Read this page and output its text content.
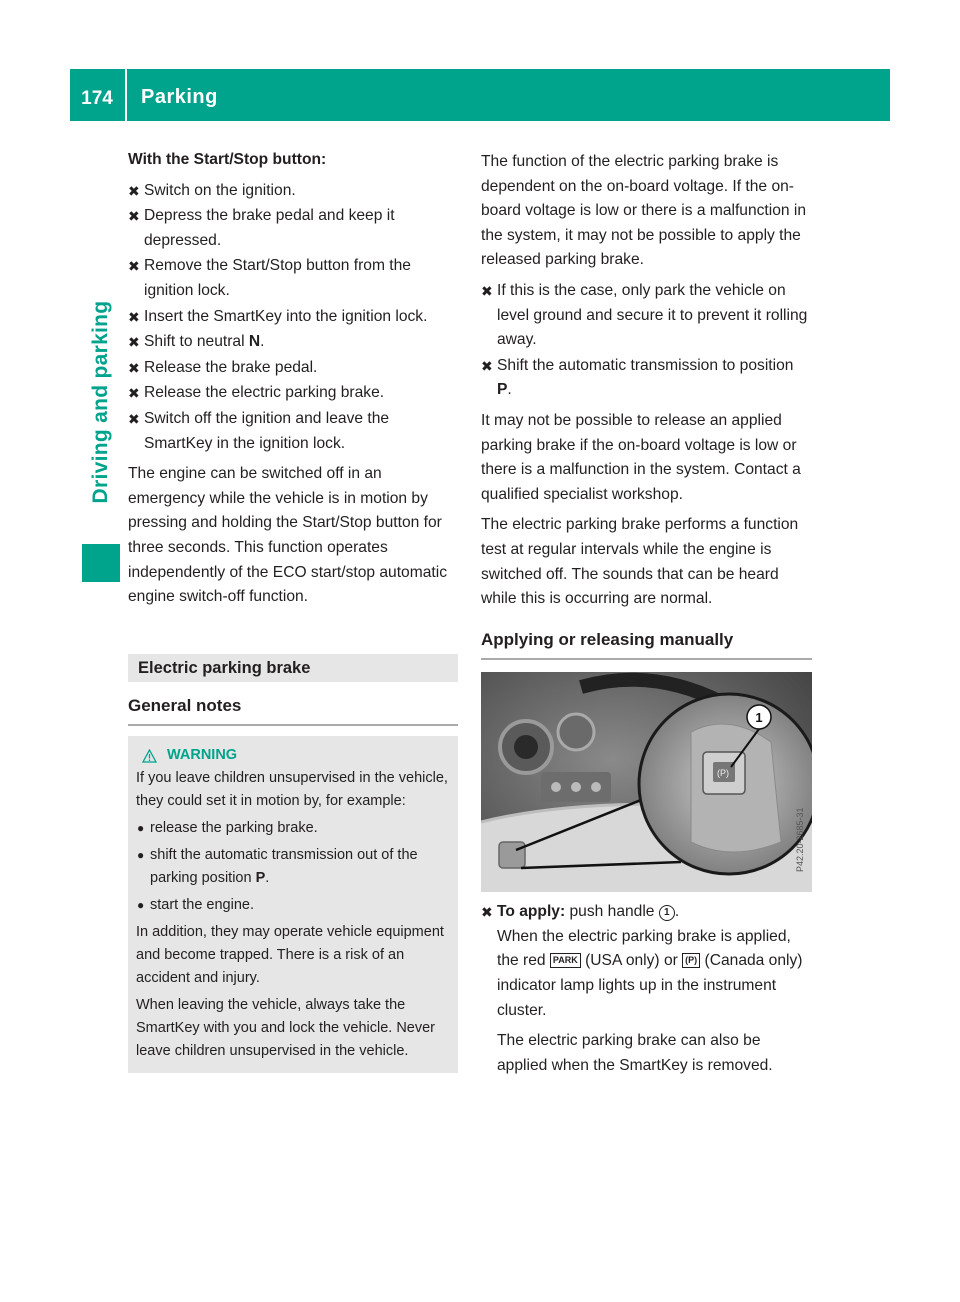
174	Parking
Driving and parking

With the Start/Stop button:

✖ Switch on the ignition.
✖ Depress the brake pedal and keep it depressed.
✖ Remove the Start/Stop button from the ignition lock.
✖ Insert the SmartKey into the ignition lock.
✖ Shift to neutral N.
✖ Release the brake pedal.
✖ Release the electric parking brake.
✖ Switch off the ignition and leave the SmartKey in the ignition lock.

The engine can be switched off in an emergency while the vehicle is in motion by pressing and holding the Start/Stop button for three seconds. This function operates independently of the ECO start/stop automatic engine switch-off function.

Electric parking brake
General notes
WARNING

If you leave children unsupervised in the vehicle, they could set it in motion by, for example:

● release the parking brake.
● shift the automatic transmission out of the parking position P.
● start the engine.

In addition, they may operate vehicle equipment and become trapped. There is a risk of an accident and injury.

When leaving the vehicle, always take the SmartKey with you and lock the vehicle. Never leave children unsupervised in the vehicle.

The function of the electric parking brake is dependent on the on-board voltage. If the on-board voltage is low or there is a malfunction in the system, it may not be possible to apply the released parking brake.

✖ If this is the case, only park the vehicle on level ground and secure it to prevent it rolling away.
✖ Shift the automatic transmission to position P.

It may not be possible to release an applied parking brake if the on-board voltage is low or there is a malfunction in the system. Contact a qualified specialist workshop.

The electric parking brake performs a function test at regular intervals while the engine is switched off. The sounds that can be heard while this is occurring are normal.

Applying or releasing manually
(P)
1
P42.20-2685-31
✖ To apply: push handle 1 .

When the electric parking brake is applied, the red PARK (USA only) or (P) (Canada only) indicator lamp lights up in the instrument cluster.

The electric parking brake can also be applied when the SmartKey is removed.
